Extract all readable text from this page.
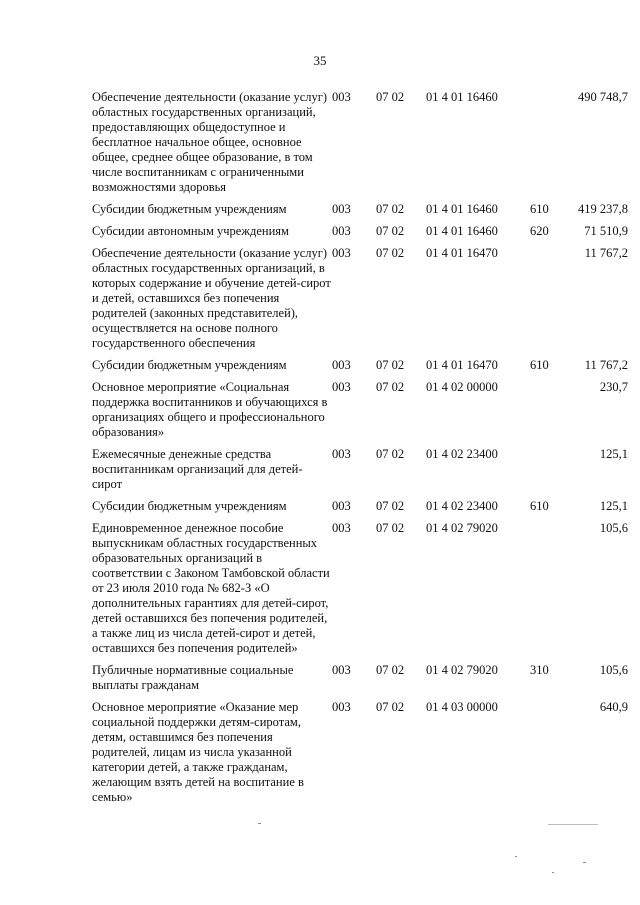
35
Обеспечение деятельности (оказание услуг) областных государственных организаций, предоставляющих общедоступное и бесплатное начальное общее, основное общее, среднее общее образование, в том числе воспитанникам с ограниченными возможностями здоровья	003	07 02	01 4 01 16460		490 748,7
Субсидии бюджетным учреждениям	003	07 02	01 4 01 16460	610	419 237,8
Субсидии автономным учреждениям	003	07 02	01 4 01 16460	620	71 510,9
Обеспечение деятельности (оказание услуг) областных государственных организаций, в которых содержание и обучение детей-сирот и детей, оставшихся без попечения родителей (законных представителей), осуществляется на основе полного государственного обеспечения	003	07 02	01 4 01 16470		11 767,2
Субсидии бюджетным учреждениям	003	07 02	01 4 01 16470	610	11 767,2
Основное мероприятие «Социальная поддержка воспитанников и обучающихся в организациях общего и профессионального образования»	003	07 02	01 4 02 00000		230,7
Ежемесячные денежные средства воспитанникам организаций для детей-сирот	003	07 02	01 4 02 23400		125,1
Субсидии бюджетным учреждениям	003	07 02	01 4 02 23400	610	125,1
Единовременное денежное пособие выпускникам областных государственных образовательных организаций в соответствии с Законом Тамбовской области от 23 июля 2010 года № 682-З «О дополнительных гарантиях для детей-сирот, детей оставшихся без попечения родителей, а также лиц из числа детей-сирот и детей, оставшихся без попечения родителей»	003	07 02	01 4 02 79020		105,6
Публичные нормативные социальные выплаты гражданам	003	07 02	01 4 02 79020	310	105,6
Основное мероприятие «Оказание мер социальной поддержки детям-сиротам, детям, оставшимся без попечения родителей, лицам из числа указанной категории детей, а также гражданам, желающим взять детей на воспитание в семью»	003	07 02	01 4 03 00000		640,9
